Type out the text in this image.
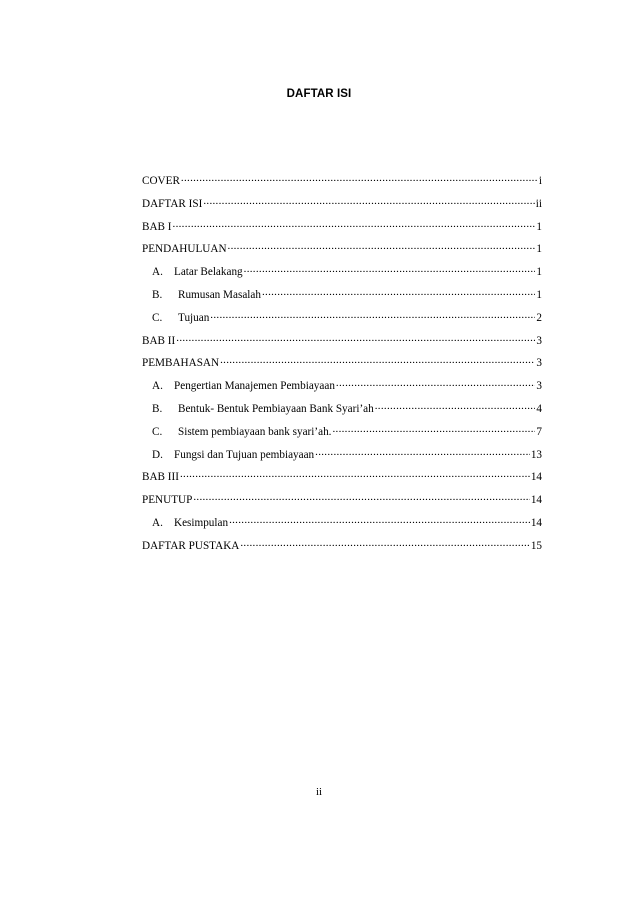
DAFTAR ISI
COVER .....	i
DAFTAR ISI .....	ii
BAB I .....	1
PENDAHULUAN .....	1
A. Latar Belakang .....	1
B.	Rumusan Masalah .....	1
C.	Tujuan .....	2
BAB II .....	3
PEMBAHASAN .....	3
A. Pengertian Manajemen Pembiayaan .....	3
B.	Bentuk- Bentuk Pembiayaan Bank Syari’ah .....	4
C.	Sistem pembiayaan bank syari’ah. .....	7
D. Fungsi dan Tujuan pembiayaan .....	13
BAB III .....	14
PENUTUP .....	14
A. Kesimpulan .....	14
DAFTAR PUSTAKA .....	15
ii
